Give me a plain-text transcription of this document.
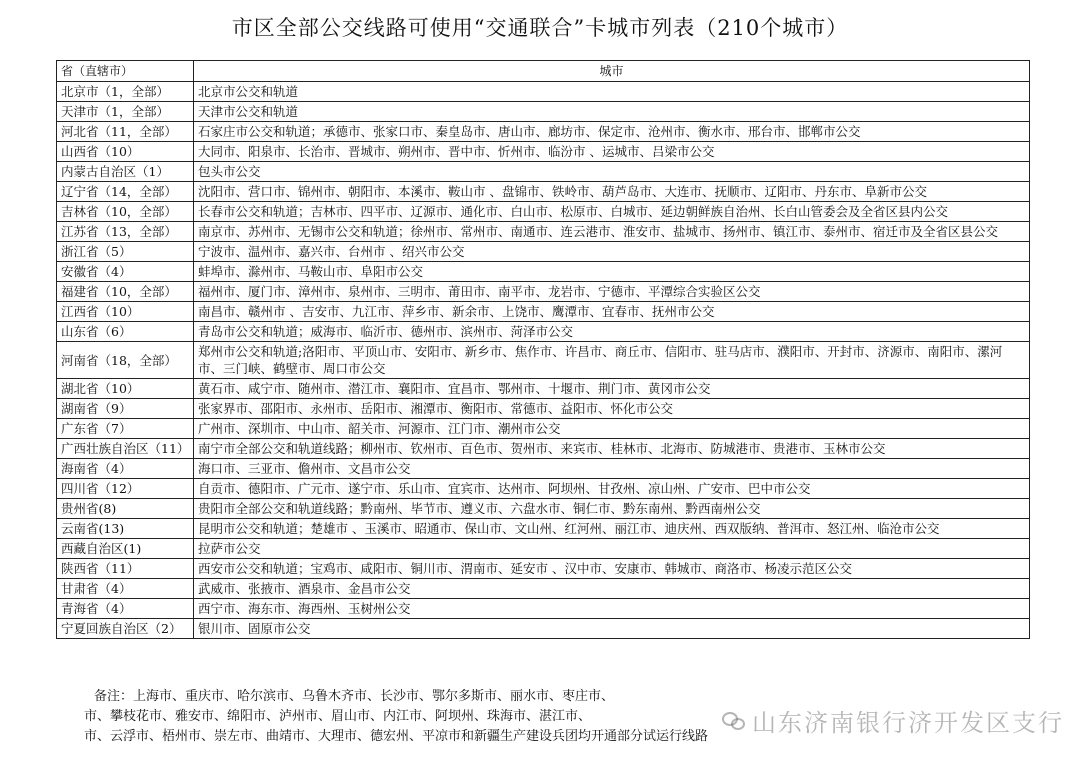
市区全部公交线路可使用“交通联合”卡城市列表（210个城市）
省（直辖市）	城市
北京市（1，全部）	北京市公交和轨道
天津市（1，全部）	天津市公交和轨道
河北省（11，全部）	石家庄市公交和轨道；承德市、张家口市、秦皇岛市、唐山市、廊坊市、保定市、沧州市、衡水市、邢台市、邯郸市公交
山西省（10）	大同市、阳泉市、长治市、晋城市、朔州市、晋中市、忻州市、临汾市 、运城市、吕梁市公交
内蒙古自治区（1）	包头市公交
辽宁省（14，全部）	沈阳市、营口市、锦州市、朝阳市、本溪市、鞍山市 、盘锦市、铁岭市、葫芦岛市、大连市、抚顺市、辽阳市、丹东市、阜新市公交
吉林省（10，全部）	长春市公交和轨道；吉林市、四平市、辽源市、通化市、白山市、松原市、白城市、延边朝鲜族自治州、长白山管委会及全省区县内公交
江苏省（13，全部）	南京市、苏州市、无锡市公交和轨道；徐州市、常州市、南通市、连云港市、淮安市、盐城市、扬州市、镇江市、泰州市、宿迁市及全省区县公交
浙江省（5）	宁波市、温州市、嘉兴市、台州市 、绍兴市公交
安徽省（4）	蚌埠市、滁州市、马鞍山市、阜阳市公交
福建省（10，全部）	福州市、厦门市、漳州市、泉州市、三明市、莆田市、南平市、龙岩市、宁德市、平潭综合实验区公交
江西省（10）	南昌市、赣州市 、吉安市、九江市、萍乡市、新余市、上饶市、鹰潭市、宜春市、抚州市公交
山东省（6）	青岛市公交和轨道；威海市、临沂市、德州市、滨州市、菏泽市公交
河南省（18，全部）	郑州市公交和轨道;洛阳市、平顶山市、安阳市、新乡市、焦作市、许昌市、商丘市、信阳市、驻马店市、濮阳市、开封市、济源市、南阳市、漯河市、三门峡、鹤壁市、周口市公交
湖北省（10）	黄石市、咸宁市、随州市、潜江市、襄阳市、宜昌市、鄂州市、十堰市、荆门市、黄冈市公交
湖南省（9）	张家界市、邵阳市、永州市、岳阳市、湘潭市、衡阳市、常德市、益阳市、怀化市公交
广东省（7）	广州市、深圳市、中山市、韶关市、河源市、江门市、潮州市公交
广西壮族自治区（11）	南宁市全部公交和轨道线路；柳州市、钦州市、百色市、贺州市、来宾市、桂林市、北海市、防城港市、贵港市、玉林市公交
海南省（4）	海口市、三亚市、儋州市、文昌市公交
四川省（12）	自贡市、德阳市、广元市、遂宁市、乐山市、宜宾市、达州市、阿坝州、甘孜州、凉山州、广安市、巴中市公交
贵州省(8)	贵阳市全部公交和轨道线路；黔南州、毕节市、遵义市、六盘水市、铜仁市、黔东南州、黔西南州公交
云南省(13)	昆明市公交和轨道；楚雄市 、玉溪市、昭通市、保山市、文山州、红河州、丽江市、迪庆州、西双版纳、普洱市、怒江州、临沧市公交
西藏自治区(1)	拉萨市公交
陕西省（11）	西安市公交和轨道；宝鸡市、咸阳市、铜川市、渭南市、延安市 、汉中市、安康市、韩城市、商洛市、杨凌示范区公交
甘肃省（4）	武威市、张掖市、酒泉市、金昌市公交
青海省（4）	西宁市、海东市、海西州、玉树州公交
宁夏回族自治区（2）	银川市、固原市公交
备注：上海市、重庆市、哈尔滨市、乌鲁木齐市、长沙市、鄂尔多斯市、丽水市、枣庄市、
市、攀枝花市、雅安市、绵阳市、泸州市、眉山市、内江市、阿坝州、珠海市、湛江市、
市、云浮市、梧州市、崇左市、曲靖市、大理市、德宏州、平凉市和新疆生产建设兵团均开通部分试运行线路	山东济南银行济开发区支行
